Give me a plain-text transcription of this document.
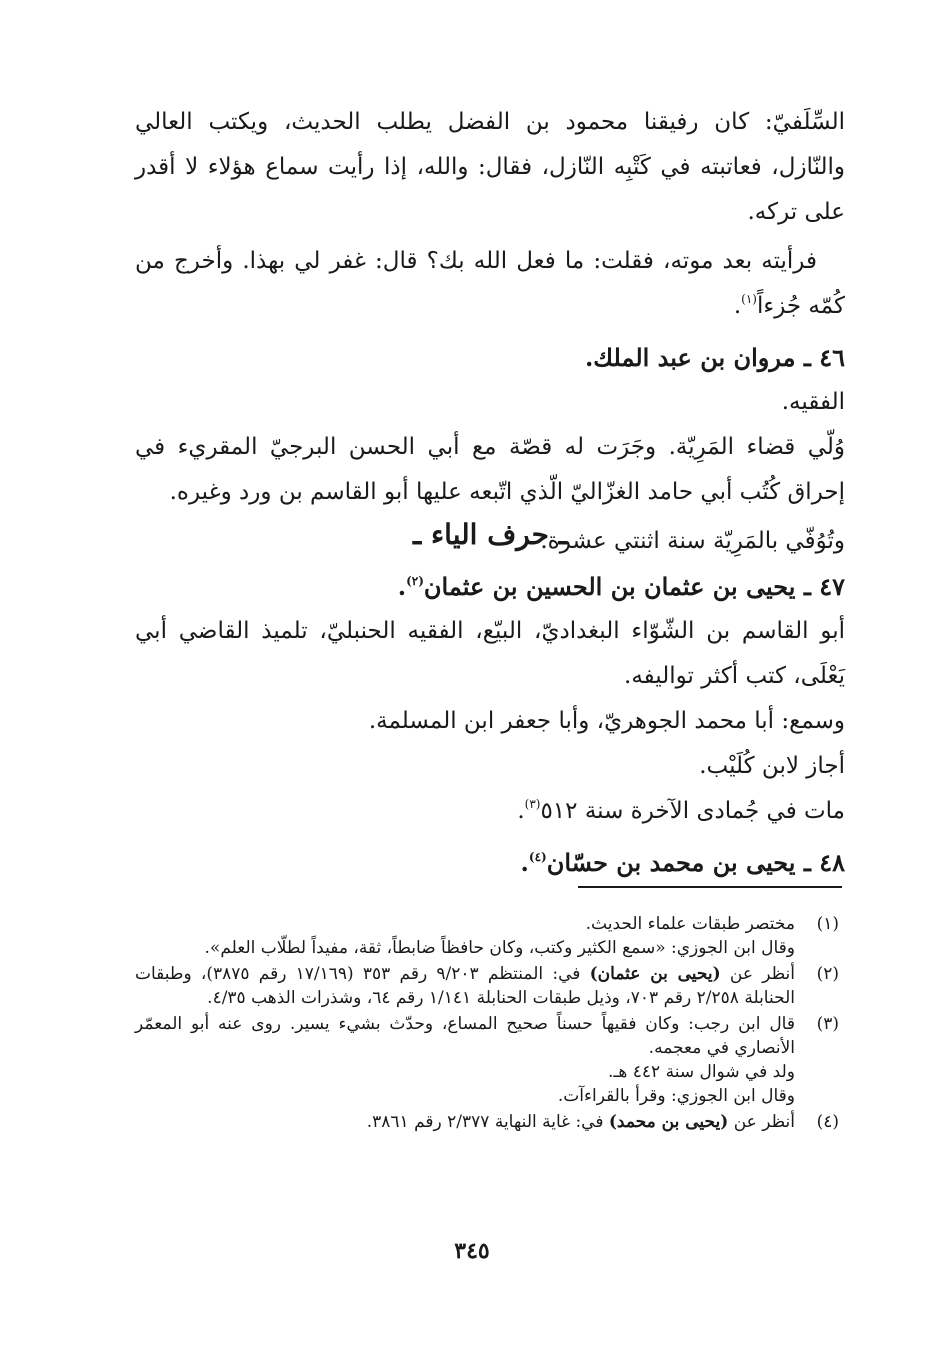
السِّلَفيّ: كان رفيقنا محمود بن الفضل يطلب الحديث، ويكتب العالي والنّازل، فعاتبته في كَتْبِه النّازل، فقال: والله، إذا رأيت سماع هؤلاء لا أقدر على تركه.

فرأيته بعد موته، فقلت: ما فعل الله بك؟ قال: غفر لي بهذا. وأخرج من كُمّه جُزءاً$^{(١)}$.

٤٦ ـ مروان بن عبد الملك.

الفقيه.

وُلّي قضاء المَرِيّة. وجَرَت له قصّة مع أبي الحسن البرجيّ المقريء في إحراق كُتُب أبي حامد الغزّاليّ الّذي اتّبعه عليها أبو القاسم بن ورد وغيره.

وتُوُفّي بالمَرِيّة سنة اثنتي عشرة.

ـ حرف الياء ـ

٤٧ ـ يحيى بن عثمان بن الحسين بن عثمان$^{(٢)}$.

أبو القاسم بن الشّوّاء البغداديّ، البيّع، الفقيه الحنبليّ، تلميذ القاضي أبي يَعْلَى، كتب أكثر تواليفه.

وسمع: أبا محمد الجوهريّ، وأبا جعفر ابن المسلمة.

أجاز لابن كُلَيْب.

مات في جُمادى الآخرة سنة ٥١٢$^{(٣)}$.

٤٨ ـ يحيى بن محمد بن حسّان$^{(٤)}$.

(١)
مختصر طبقات علماء الحديث.
وقال ابن الجوزي: «سمع الكثير وكتب، وكان حافظاً ضابطاً، ثقة، مفيداً لطلّاب العلم».
(٢)
أنظر عن (يحيى بن عثمان) في: المنتظم ٩/٢٠٣ رقم ٣٥٣ (١٧/١٦٩ رقم ٣٨٧٥)، وطبقات الحنابلة ٢/٢٥٨ رقم ٧٠٣، وذيل طبقات الحنابلة ١/١٤١ رقم ٦٤، وشذرات الذهب ٤/٣٥.
(٣)
قال ابن رجب: وكان فقيهاً حسناً صحيح المساع، وحدّث بشيء يسير. روى عنه أبو المعمّر الأنصاري في معجمه.
ولد في شوال سنة ٤٤٢ هـ.
وقال ابن الجوزي: وقرأ بالقراءآت.
(٤)
أنظر عن (يحيى بن محمد) في: غاية النهاية ٢/٣٧٧ رقم ٣٨٦١.
٣٤٥
